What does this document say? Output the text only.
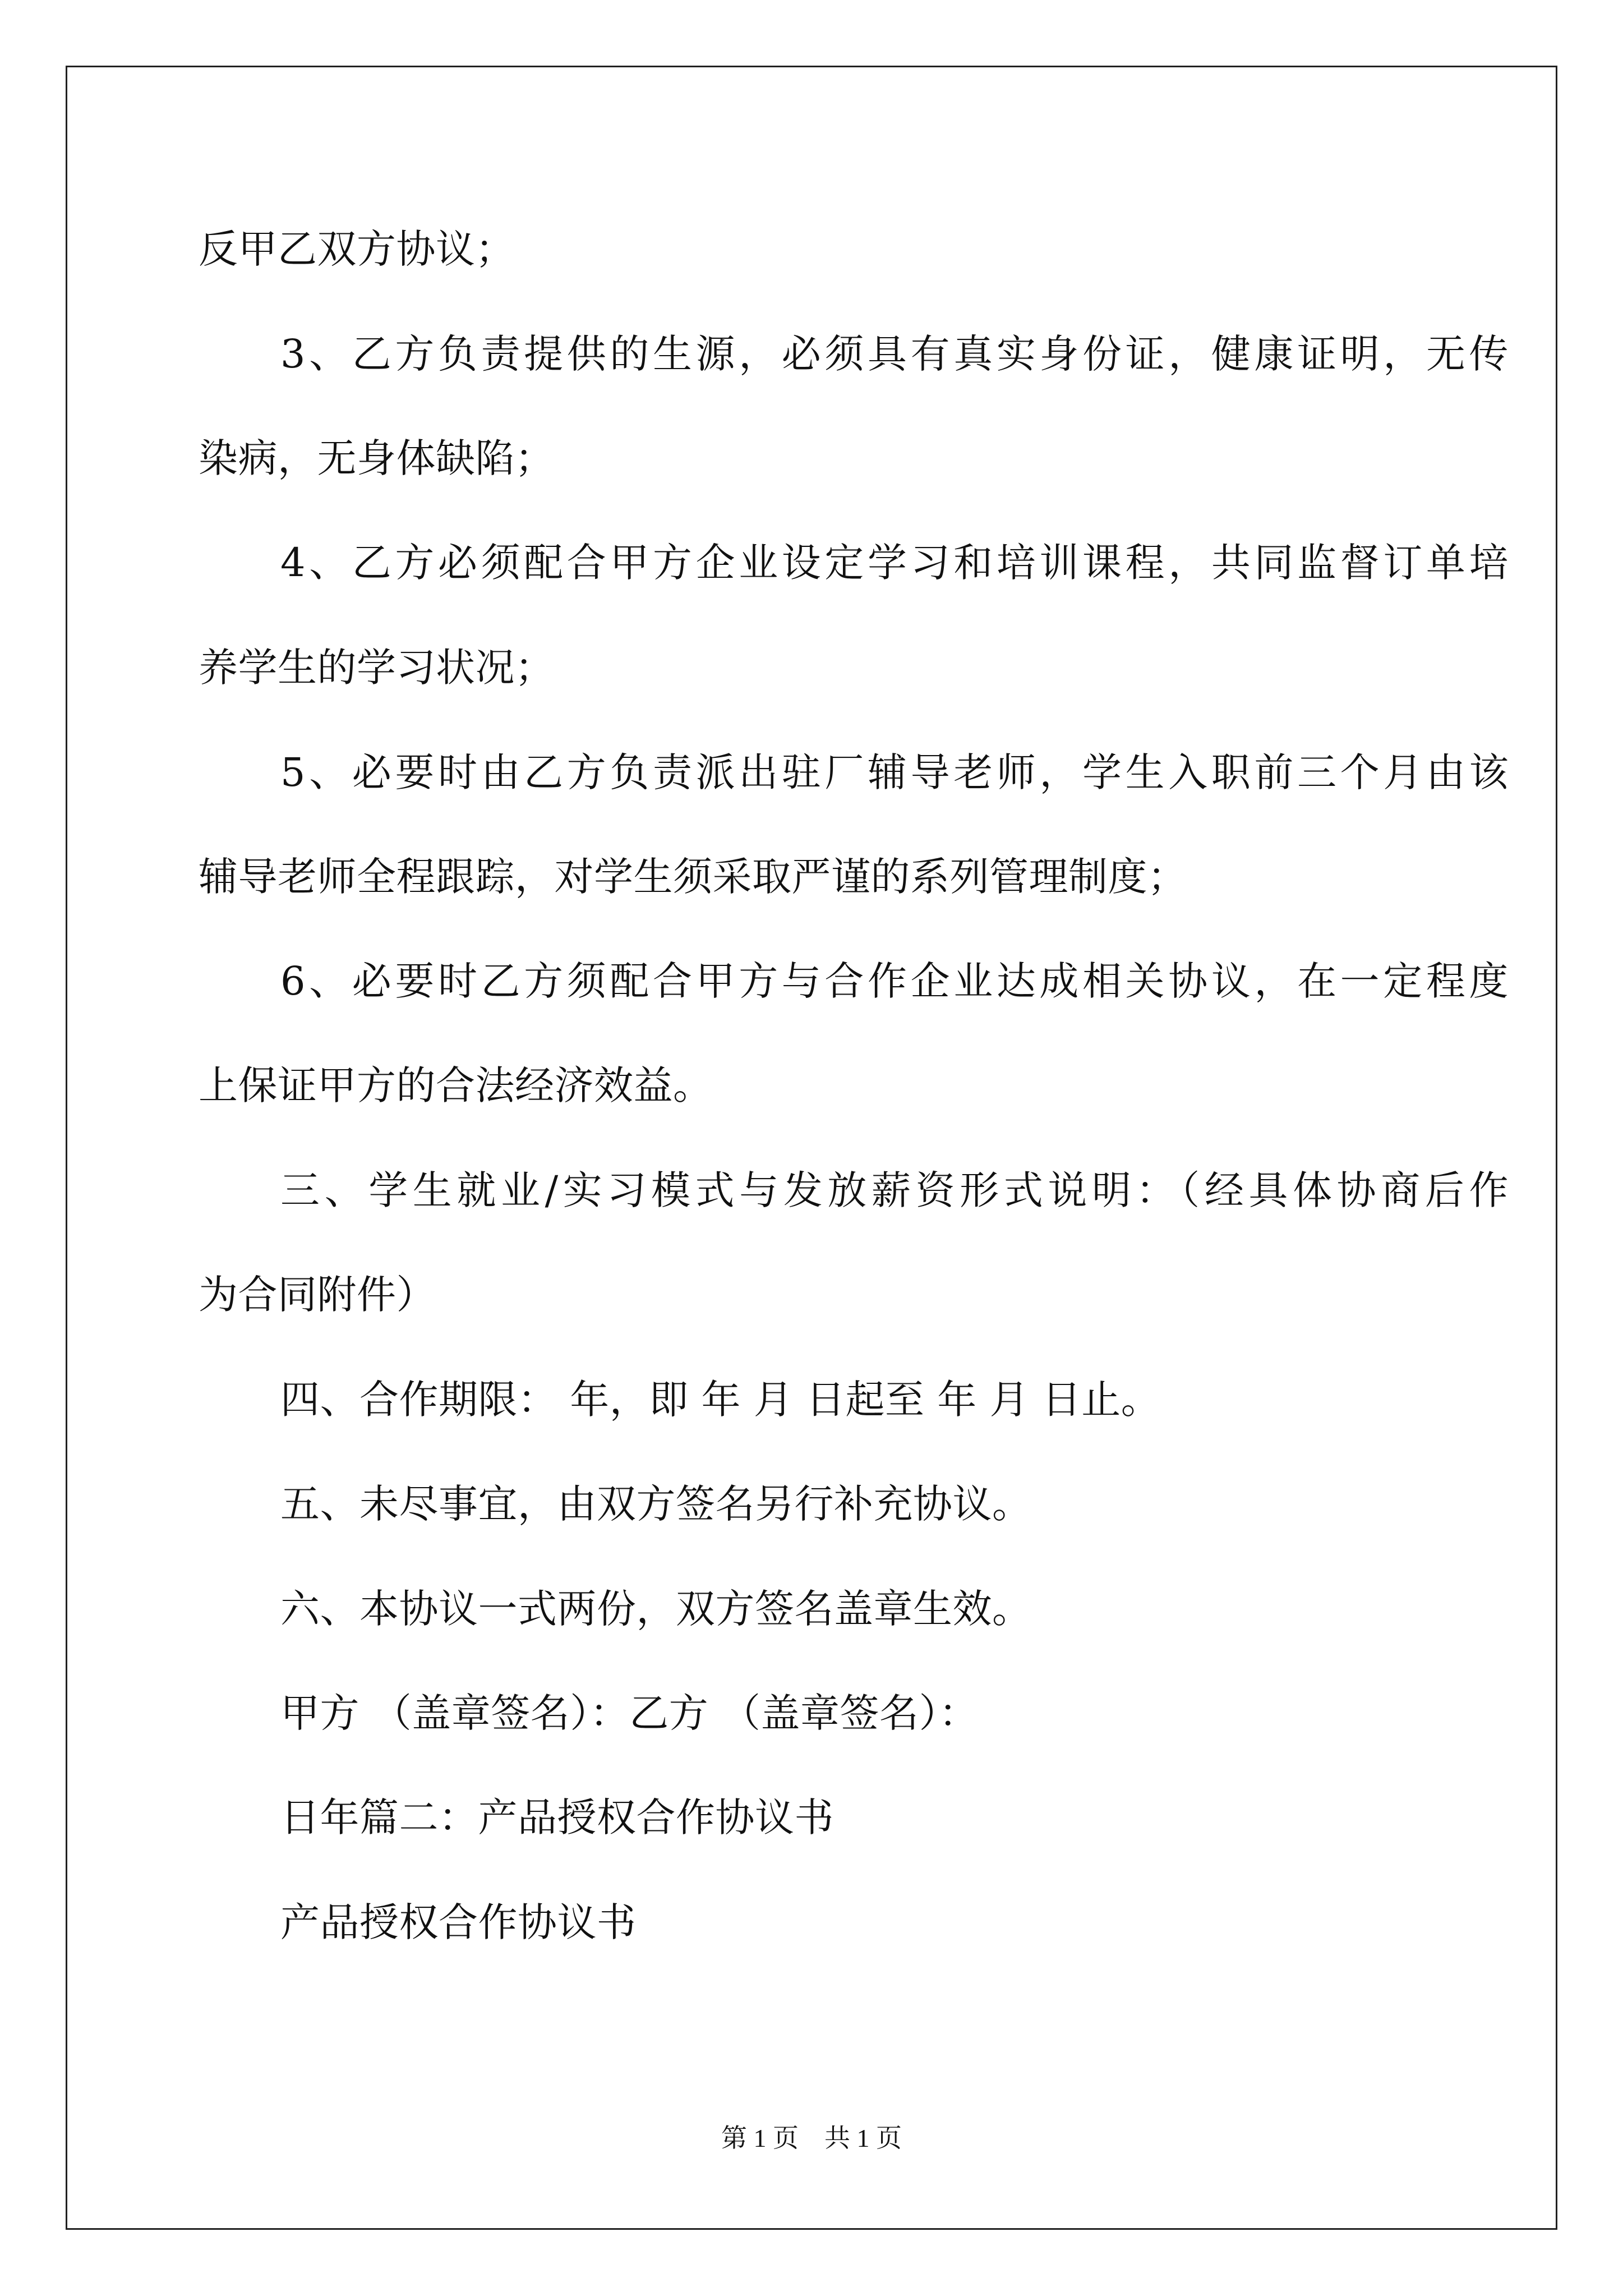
反甲乙双方协议；
3、乙方负责提供的生源，必须具有真实身份证，健康证明，无传
染病，无身体缺陷；
4、乙方必须配合甲方企业设定学习和培训课程，共同监督订单培
养学生的学习状况；
5、必要时由乙方负责派出驻厂辅导老师，学生入职前三个月由该
辅导老师全程跟踪，对学生须采取严谨的系列管理制度；
6、必要时乙方须配合甲方与合作企业达成相关协议，在一定程度
上保证甲方的合法经济效益。
三、学生就业/实习模式与发放薪资形式说明：（经具体协商后作
为合同附件）
四、合作期限： 年，即 年 月 日起至 年 月 日止。
五、未尽事宜，由双方签名另行补充协议。
六、本协议一式两份，双方签名盖章生效。
甲方 （盖章签名）：乙方 （盖章签名）：
日年篇二：产品授权合作协议书
产品授权合作协议书
第 1 页　共 1 页
